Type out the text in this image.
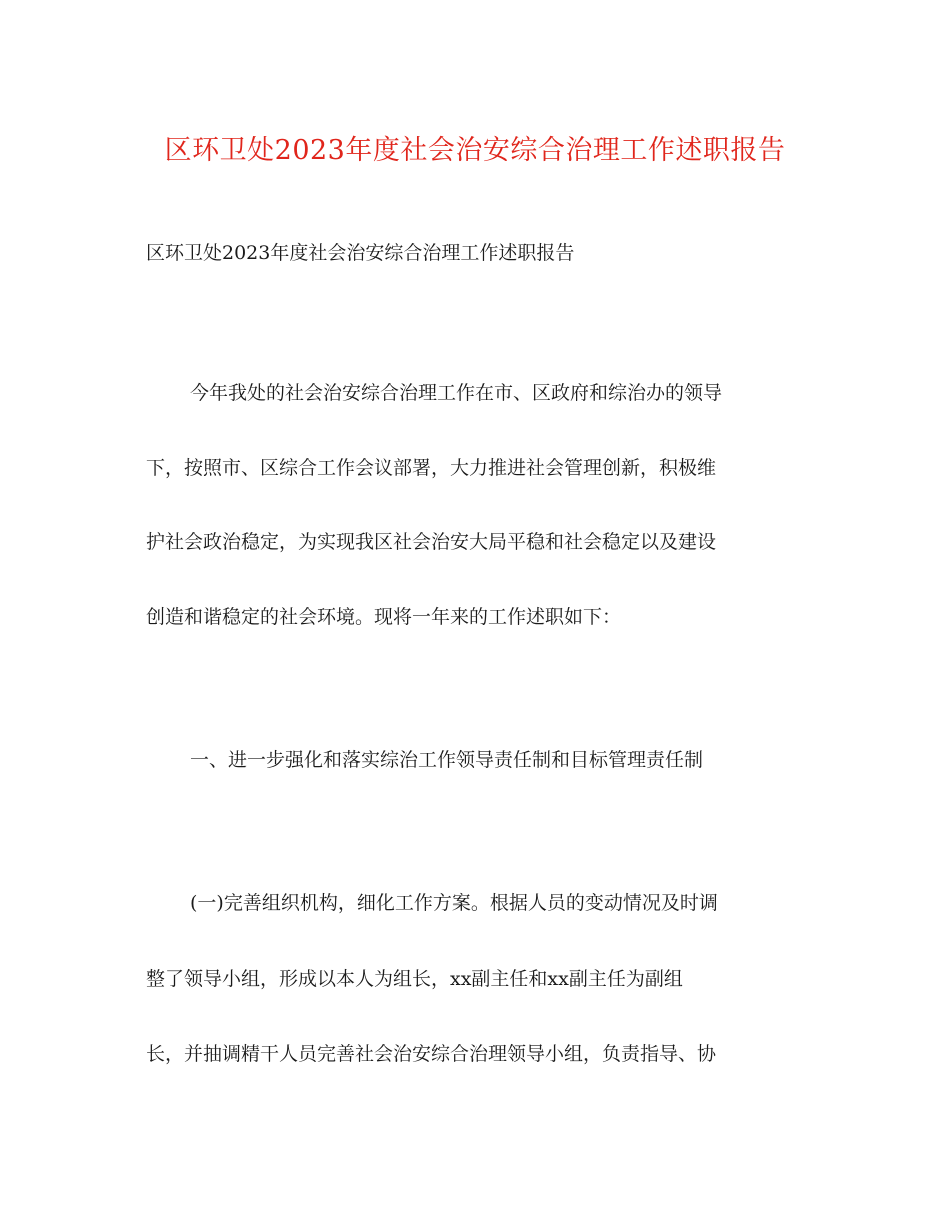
区环卫处2023年度社会治安综合治理工作述职报告
区环卫处2023年度社会治安综合治理工作述职报告
今年我处的社会治安综合治理工作在市、区政府和综治办的领导
下，按照市、区综合工作会议部署，大力推进社会管理创新，积极维
护社会政治稳定，为实现我区社会治安大局平稳和社会稳定以及建设
创造和谐稳定的社会环境。现将一年来的工作述职如下：
一、进一步强化和落实综治工作领导责任制和目标管理责任制
(一)完善组织机构，细化工作方案。根据人员的变动情况及时调
整了领导小组，形成以本人为组长，xx副主任和xx副主任为副组
长，并抽调精干人员完善社会治安综合治理领导小组，负责指导、协
